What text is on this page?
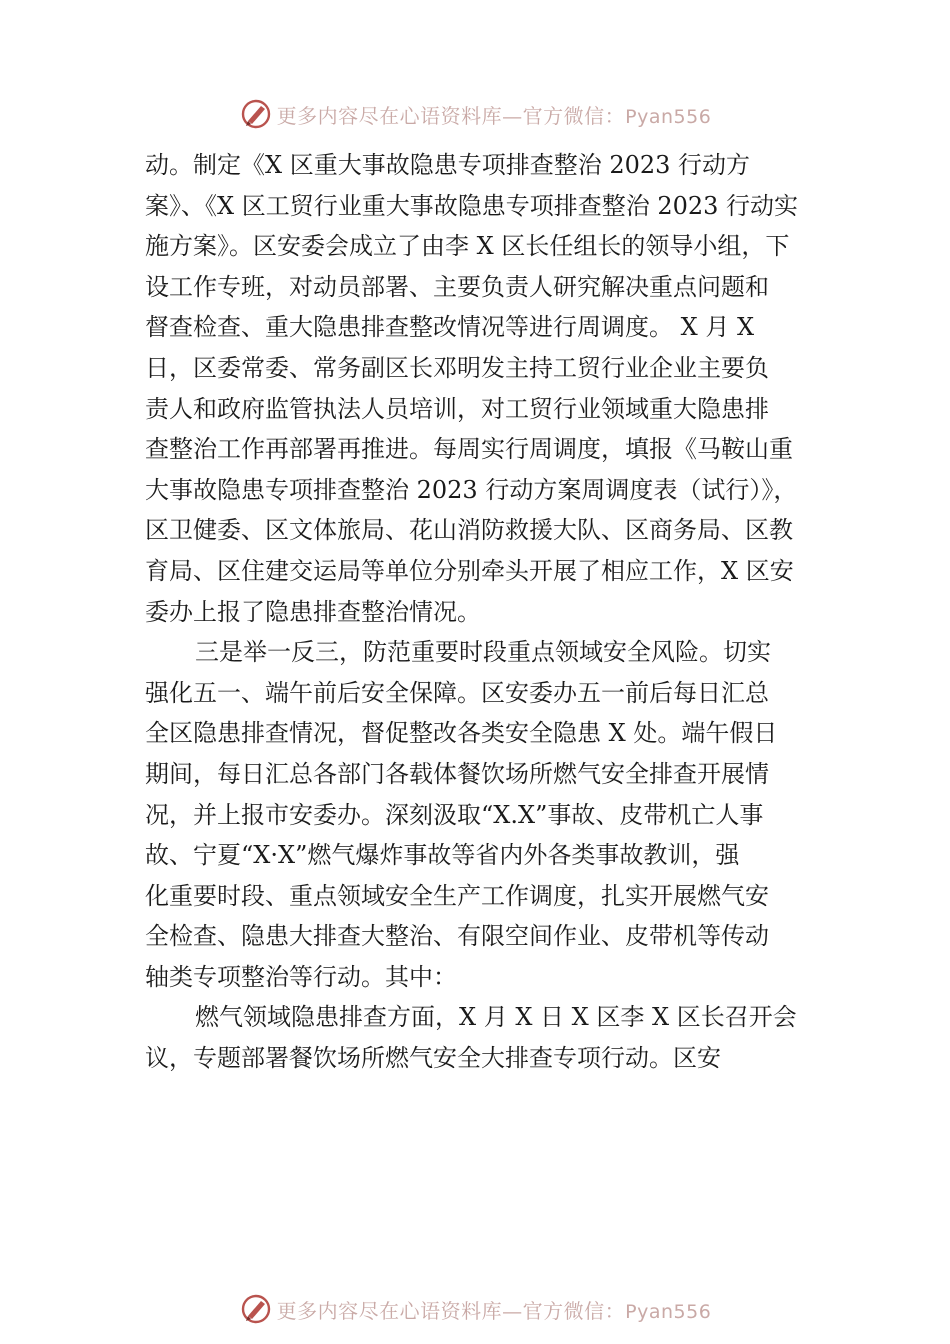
更多内容尽在心语资料库—官方微信：Pyan556

动。制定《X 区重大事故隐患专项排查整治 2023 行动方
案》、《X 区工贸行业重大事故隐患专项排查整治 2023 行动实
施方案》。区安委会成立了由李 X 区长任组长的领导小组，下
设工作专班，对动员部署、主要负责人研究解决重点问题和
督查检查、重大隐患排查整改情况等进行周调度。 X 月 X
日，区委常委、常务副区长邓明发主持工贸行业企业主要负
责人和政府监管执法人员培训，对工贸行业领域重大隐患排
查整治工作再部署再推进。每周实行周调度，填报《马鞍山重
大事故隐患专项排查整治 2023 行动方案周调度表（试行）》，
区卫健委、区文体旅局、花山消防救援大队、区商务局、区教
育局、区住建交运局等单位分别牵头开展了相应工作，X 区安
委办上报了隐患排查整治情况。

三是举一反三，防范重要时段重点领域安全风险。切实
强化五一、端午前后安全保障。区安委办五一前后每日汇总
全区隐患排查情况，督促整改各类安全隐患 X 处。端午假日
期间，每日汇总各部门各载体餐饮场所燃气安全排查开展情
况，并上报市安委办。深刻汲取“X.X”事故、皮带机亡人事
故、宁夏“X·X”燃气爆炸事故等省内外各类事故教训，强
化重要时段、重点领域安全生产工作调度，扎实开展燃气安
全检查、隐患大排查大整治、有限空间作业、皮带机等传动
轴类专项整治等行动。其中：

燃气领域隐患排查方面，X 月 X 日 X 区李 X 区长召开会
议，专题部署餐饮场所燃气安全大排查专项行动。区安

更多内容尽在心语资料库—官方微信：Pyan556
